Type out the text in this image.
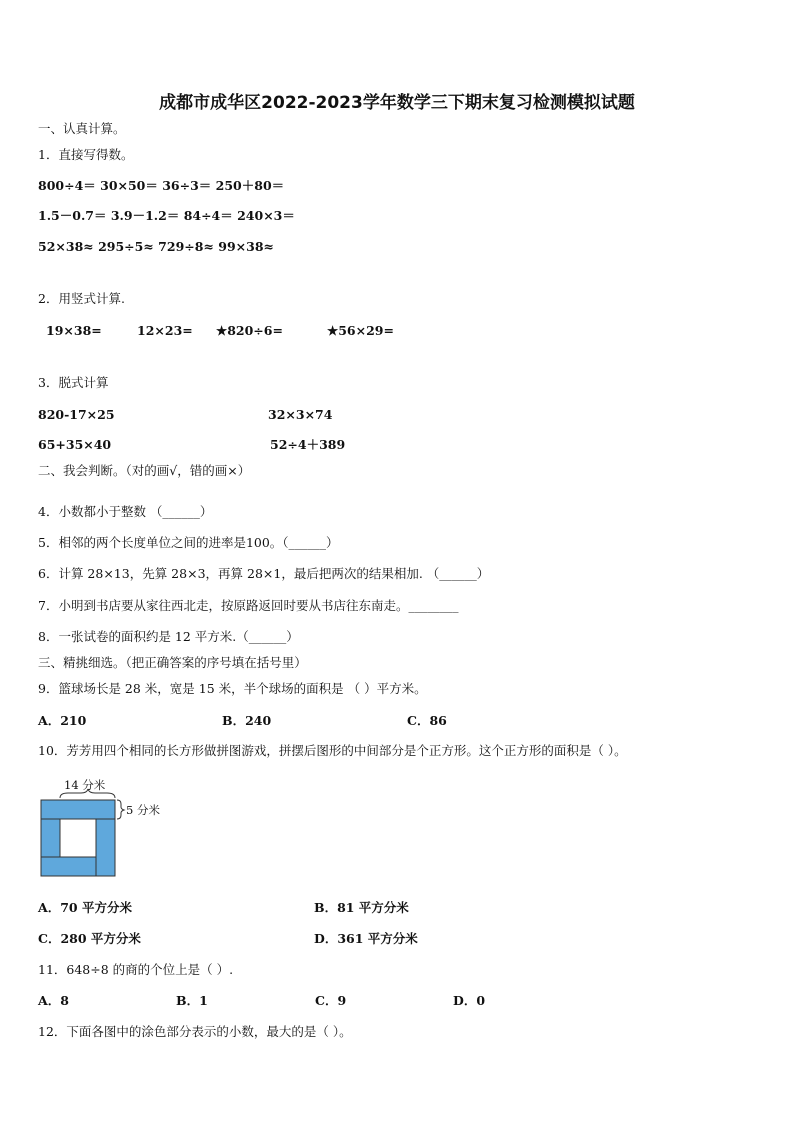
成都市成华区2022-2023学年数学三下期末复习检测模拟试题
一、认真计算。
1．直接写得数。
800÷4＝ 30×50＝ 36÷3＝ 250＋80＝
1.5－0.7＝ 3.9－1.2＝ 84÷4＝ 240×3＝
52×38≈ 295÷5≈ 729÷8≈ 99×38≈
2．用竖式计算.
19×38=	12×23= ★820÷6=	★56×29=
3．脱式计算
820-17×25	32×3×74
65+35×40	52÷4＋389
二、我会判断。（对的画√，错的画×）
4．小数都小于整数 （______）
5．相邻的两个长度单位之间的进率是100。（______）
6．计算 28×13，先算 28×3，再算 28×1，最后把两次的结果相加. （______）
7．小明到书店要从家往西北走，按原路返回时要从书店往东南走。________
8．一张试卷的面积约是 12 平方米.（______）
三、精挑细选。（把正确答案的序号填在括号里）
9．篮球场长是 28 米，宽是 15 米，半个球场的面积是 （ ）平方米。
A．210	B．240	C．86
10．芳芳用四个相同的长方形做拼图游戏，拼摆后图形的中间部分是个正方形。这个正方形的面积是（ ）。
14 分米
5 分米
A．70 平方分米	B．81 平方分米
C．280 平方分米	D．361 平方分米
11．648÷8 的商的个位上是（ ）.
A．8	B．1	C．9	D．0
12．下面各图中的涂色部分表示的小数，最大的是（ ）。
